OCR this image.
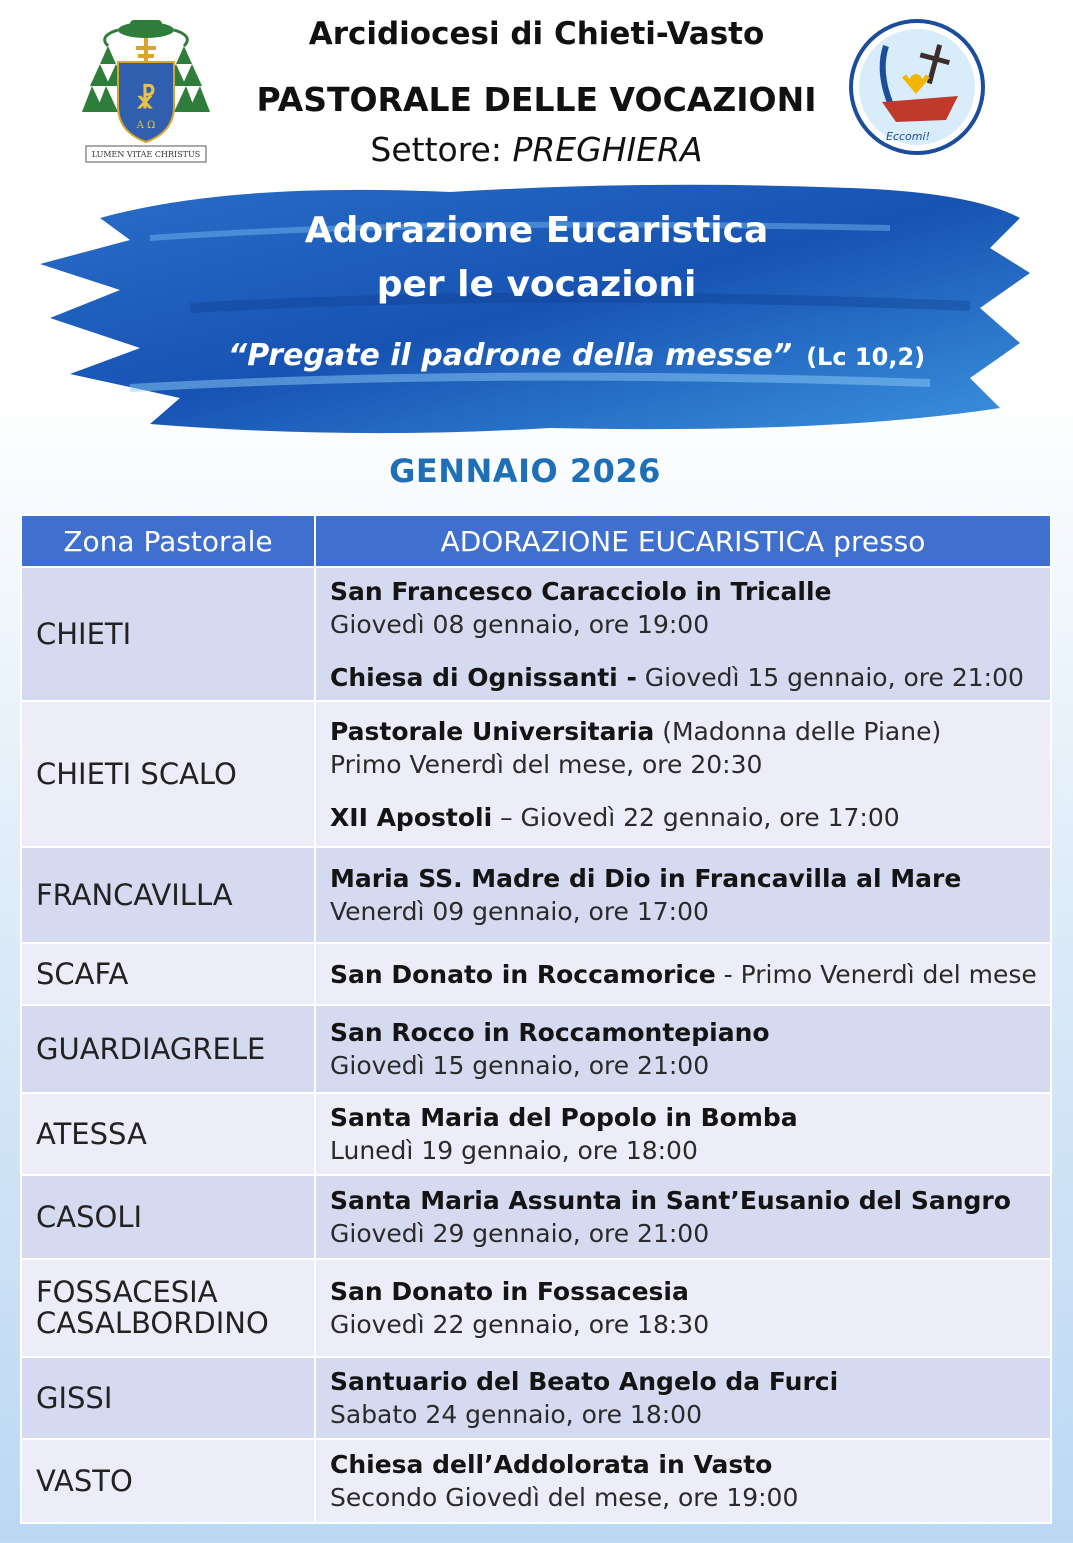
☧
A Ω
LUMEN VITAE CHRISTUS
Arcidiocesi di Chieti-Vasto
PASTORALE DELLE VOCAZIONI
Settore: PREGHIERA	Eccomi!
Adorazione Eucaristica
per le vocazioni
“Pregate il padrone della messe” (Lc 10,2)
GENNAIO 2026
Zona Pastorale	ADORAZIONE EUCARISTICA presso
CHIETI	San Francesco Caracciolo in Tricalle
Giovedì 08 gennaio, ore 19:00
Chiesa di Ognissanti - Giovedì 15 gennaio, ore 21:00
CHIETI SCALO	Pastorale Universitaria (Madonna delle Piane)
Primo Venerdì del mese, ore 20:30
XII Apostoli – Giovedì 22 gennaio, ore 17:00
FRANCAVILLA	Maria SS. Madre di Dio in Francavilla al Mare
Venerdì 09 gennaio, ore 17:00
SCAFA	San Donato in Roccamorice - Primo Venerdì del mese
GUARDIAGRELE	San Rocco in Roccamontepiano
Giovedì 15 gennaio, ore 21:00
ATESSA	Santa Maria del Popolo in Bomba
Lunedì 19 gennaio, ore 18:00
CASOLI	Santa Maria Assunta in Sant’Eusanio del Sangro
Giovedì 29 gennaio, ore 21:00
FOSSACESIA
CASALBORDINO	San Donato in Fossacesia
Giovedì 22 gennaio, ore 18:30
GISSI	Santuario del Beato Angelo da Furci
Sabato 24 gennaio, ore 18:00
VASTO	Chiesa dell’Addolorata in Vasto
Secondo Giovedì del mese, ore 19:00
